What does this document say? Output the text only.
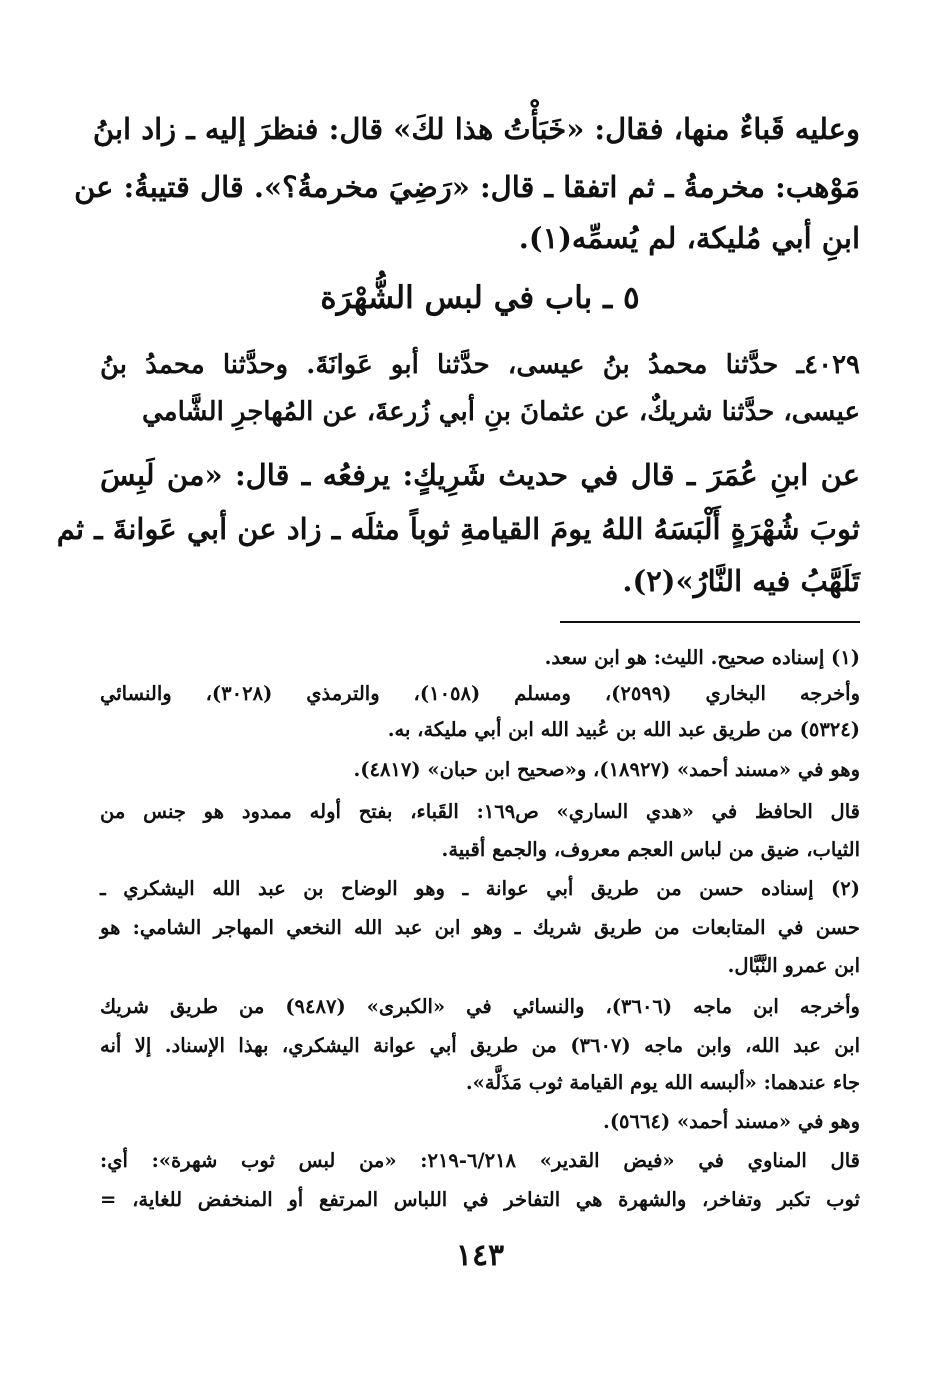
وعليه قَباءٌ منها، فقال: «خَبَأْتُ هذا لكَ» قال: فنظرَ إليه ـ زاد ابنُ
مَوْهب: مخرمةُ ـ ثم اتفقا ـ قال: «رَضِيَ مخرمةُ؟». قال قتيبةُ: عن
ابنِ أبي مُليكة، لم يُسمِّه(١).
٥ ـ باب في لبس الشُّهْرَة
٤٠٢٩ـ حدَّثنا محمدُ بنُ عيسى، حدَّثنا أبو عَوانَةَ. وحدَّثنا محمدُ بنُ
عيسى، حدَّثنا شريكٌ، عن عثمانَ بنِ أبي زُرعةَ، عن المُهاجرِ الشَّامي
عن ابنِ عُمَرَ ـ قال في حديث شَرِيكٍ: يرفعُه ـ قال: «من لَبِسَ
ثوبَ شُهْرَةٍ أَلْبَسَهُ اللهُ يومَ القيامةِ ثوباً مثلَه ـ زاد عن أبي عَوانةَ ـ ثم
تَلَهَّبُ فيه النَّارُ»(٢).
(١) إسناده صحيح. الليث: هو ابن سعد.
وأخرجه البخاري (٢٥٩٩)، ومسلم (١٠٥٨)، والترمذي (٣٠٢٨)، والنسائي
(٥٣٢٤) من طريق عبد الله بن عُبيد الله ابن أبي مليكة، به.
وهو في «مسند أحمد» (١٨٩٢٧)، و«صحيح ابن حبان» (٤٨١٧).
قال الحافظ في «هدي الساري» ص١٦٩: القَباء، بفتح أوله ممدود هو جنس من
الثياب، ضيق من لباس العجم معروف، والجمع أقبية.
(٢) إسناده حسن من طريق أبي عوانة ـ وهو الوضاح بن عبد الله اليشكري ـ
حسن في المتابعات من طريق شريك ـ وهو ابن عبد الله النخعي المهاجر الشامي: هو
ابن عمرو النَّبَّال.
وأخرجه ابن ماجه (٣٦٠٦)، والنسائي في «الكبرى» (٩٤٨٧) من طريق شريك
ابن عبد الله، وابن ماجه (٣٦٠٧) من طريق أبي عوانة اليشكري، بهذا الإسناد. إلا أنه
جاء عندهما: «ألبسه الله يوم القيامة ثوب مَذَلَّة».
وهو في «مسند أحمد» (٥٦٦٤).
قال المناوي في «فيض القدير» ٦/٢١٨-٢١٩: «من لبس ثوب شهرة»: أي:
ثوب تكبر وتفاخر، والشهرة هي التفاخر في اللباس المرتفع أو المنخفض للغاية، =
١٤٣
